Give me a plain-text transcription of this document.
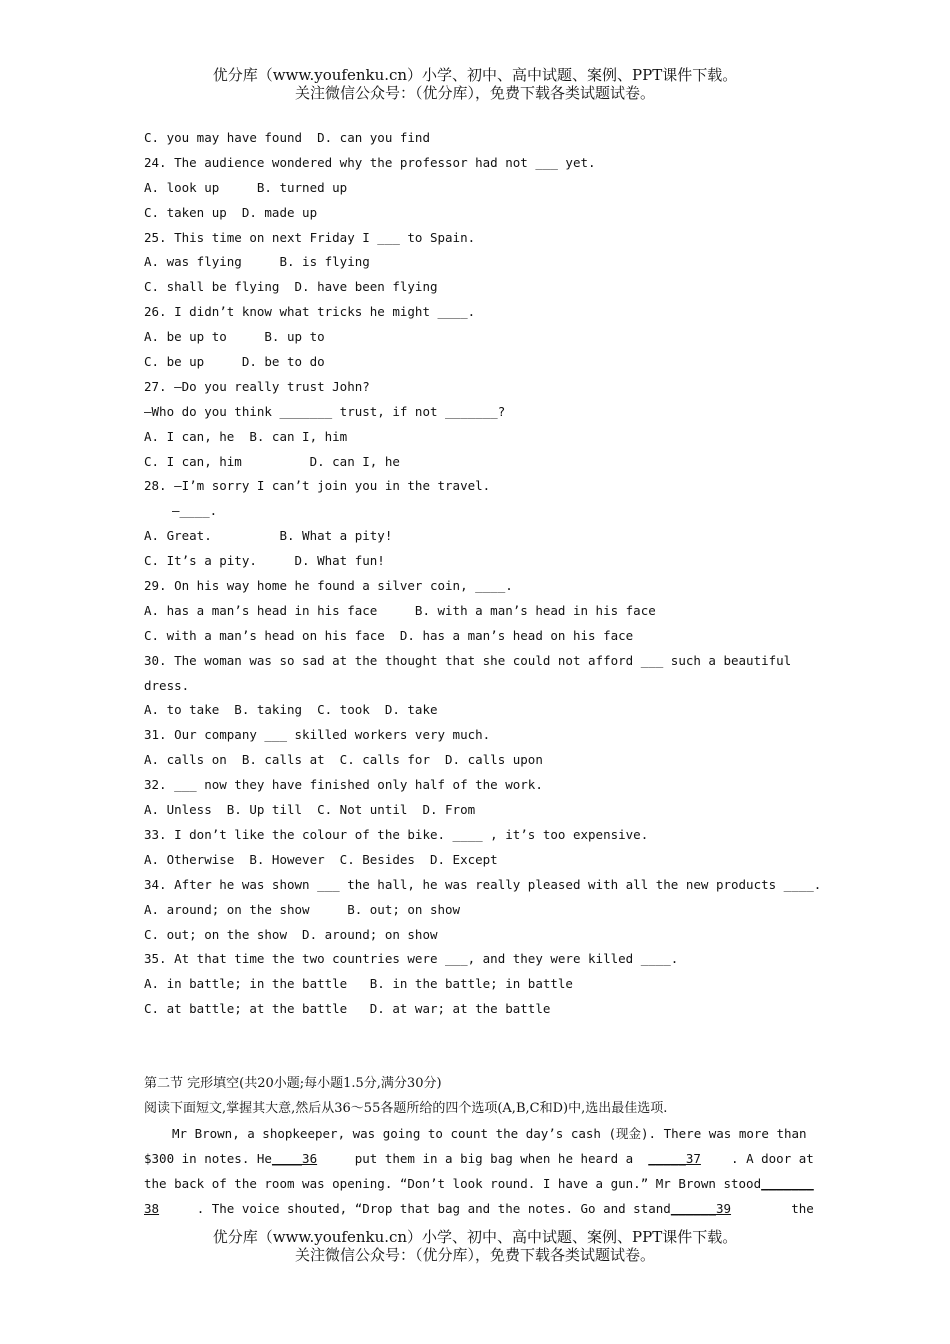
优分库（www.youfenku.cn）小学、初中、高中试题、案例、PPT课件下载。
关注微信公众号：（优分库），免费下载各类试题试卷。
C. you may have found  D. can you find
24. The audience wondered why the professor had not ___ yet.
A. look up     B. turned up
C. taken up  D. made up
25. This time on next Friday I ___ to Spain.
A. was flying     B. is flying
C. shall be flying  D. have been flying
26. I didn’t know what tricks he might ____.
A. be up to     B. up to
C. be up     D. be to do
27. —Do you really trust John?
—Who do you think _______ trust, if not _______?
A. I can, he  B. can I, him
C. I can, him         D. can I, he
28. —I’m sorry I can’t join you in the travel.
—____.
A. Great.         B. What a pity!
C. It’s a pity.     D. What fun!
29. On his way home he found a silver coin, ____.
A. has a man’s head in his face     B. with a man’s head in his face
C. with a man’s head on his face  D. has a man’s head on his face
30. The woman was so sad at the thought that she could not afford ___ such a beautiful
dress.
A. to take  B. taking  C. took  D. take
31. Our company ___ skilled workers very much.
A. calls on  B. calls at  C. calls for  D. calls upon
32. ___ now they have finished only half of the work.
A. Unless  B. Up till  C. Not until  D. From
33. I don’t like the colour of the bike. ____ , it’s too expensive.
A. Otherwise  B. However  C. Besides  D. Except
34. After he was shown ___ the hall, he was really pleased with all the new products ____.
A. around; on the show     B. out; on show
C. out; on the show  D. around; on show
35. At that time the two countries were ___, and they were killed ____.
A. in battle; in the battle   B. in the battle; in battle
C. at battle; at the battle   D. at war; at the battle
第二节 完形填空(共20小题;每小题1.5分,满分30分)
阅读下面短文,掌握其大意,然后从36～55各题所给的四个选项(A,B,C和D)中,选出最佳选项.
Mr Brown, a shopkeeper, was going to count the day’s cash (现金). There was more than
$300 in notes. He____36     put them in a big bag when he heard a  _____37    . A door at
the back of the room was opening. “Don’t look round. I have a gun.” Mr Brown stood_______
38     . The voice shouted, “Drop that bag and the notes. Go and stand______39        the
优分库（www.youfenku.cn）小学、初中、高中试题、案例、PPT课件下载。
关注微信公众号：（优分库），免费下载各类试题试卷。
